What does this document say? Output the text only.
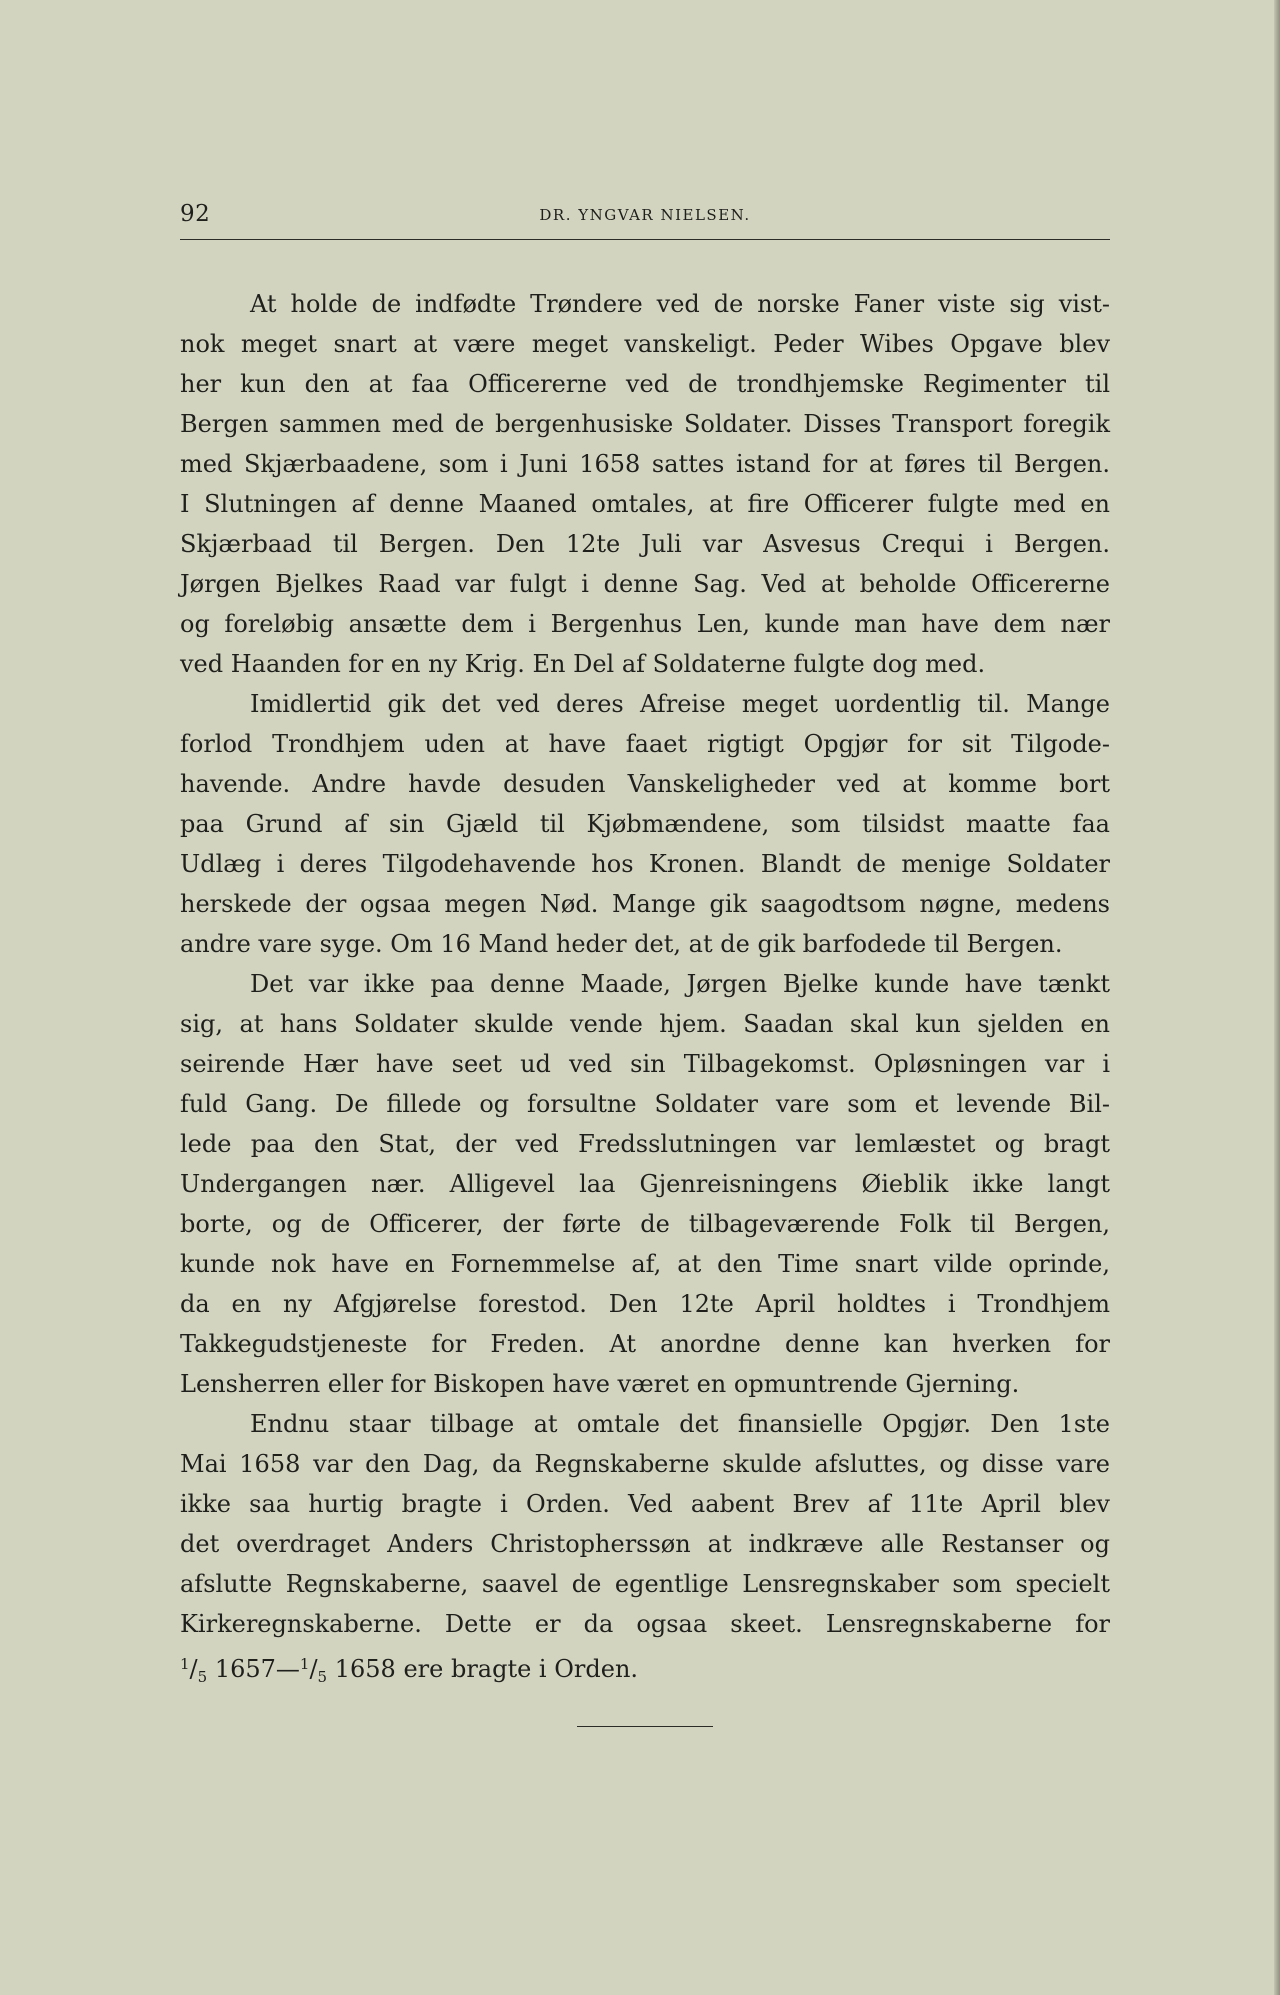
92	DR. YNGVAR NIELSEN.
At holde de indfødte Trøndere ved de norske Faner viste sig vist-
nok meget snart at være meget vanskeligt. Peder Wibes Opgave blev
her kun den at faa Officererne ved de trondhjemske Regimenter til
Bergen sammen med de bergenhusiske Soldater. Disses Transport foregik
med Skjærbaadene, som i Juni 1658 sattes istand for at føres til Bergen.
I Slutningen af denne Maaned omtales, at fire Officerer fulgte med en
Skjærbaad til Bergen. Den 12te Juli var Asvesus Crequi i Bergen.
Jørgen Bjelkes Raad var fulgt i denne Sag. Ved at beholde Officererne
og foreløbig ansætte dem i Bergenhus Len, kunde man have dem nær
ved Haanden for en ny Krig. En Del af Soldaterne fulgte dog med.
Imidlertid gik det ved deres Afreise meget uordentlig til. Mange
forlod Trondhjem uden at have faaet rigtigt Opgjør for sit Tilgode-
havende. Andre havde desuden Vanskeligheder ved at komme bort
paa Grund af sin Gjæld til Kjøbmændene, som tilsidst maatte faa
Udlæg i deres Tilgodehavende hos Kronen. Blandt de menige Soldater
herskede der ogsaa megen Nød. Mange gik saagodtsom nøgne, medens
andre vare syge. Om 16 Mand heder det, at de gik barfodede til Bergen.
Det var ikke paa denne Maade, Jørgen Bjelke kunde have tænkt
sig, at hans Soldater skulde vende hjem. Saadan skal kun sjelden en
seirende Hær have seet ud ved sin Tilbagekomst. Opløsningen var i
fuld Gang. De fillede og forsultne Soldater vare som et levende Bil-
lede paa den Stat, der ved Fredsslutningen var lemlæstet og bragt
Undergangen nær. Alligevel laa Gjenreisningens Øieblik ikke langt
borte, og de Officerer, der førte de tilbageværende Folk til Bergen,
kunde nok have en Fornemmelse af, at den Time snart vilde oprinde,
da en ny Afgjørelse forestod. Den 12te April holdtes i Trondhjem
Takkegudstjeneste for Freden. At anordne denne kan hverken for
Lensherren eller for Biskopen have været en opmuntrende Gjerning.
Endnu staar tilbage at omtale det finansielle Opgjør. Den 1ste
Mai 1658 var den Dag, da Regnskaberne skulde afsluttes, og disse vare
ikke saa hurtig bragte i Orden. Ved aabent Brev af 11te April blev
det overdraget Anders Christopherssøn at indkræve alle Restanser og
afslutte Regnskaberne, saavel de egentlige Lensregnskaber som specielt
Kirkeregnskaberne. Dette er da ogsaa skeet. Lensregnskaberne for
$^1/_5$ $1657—^1/_5$ 1658 ere bragte i Orden.
